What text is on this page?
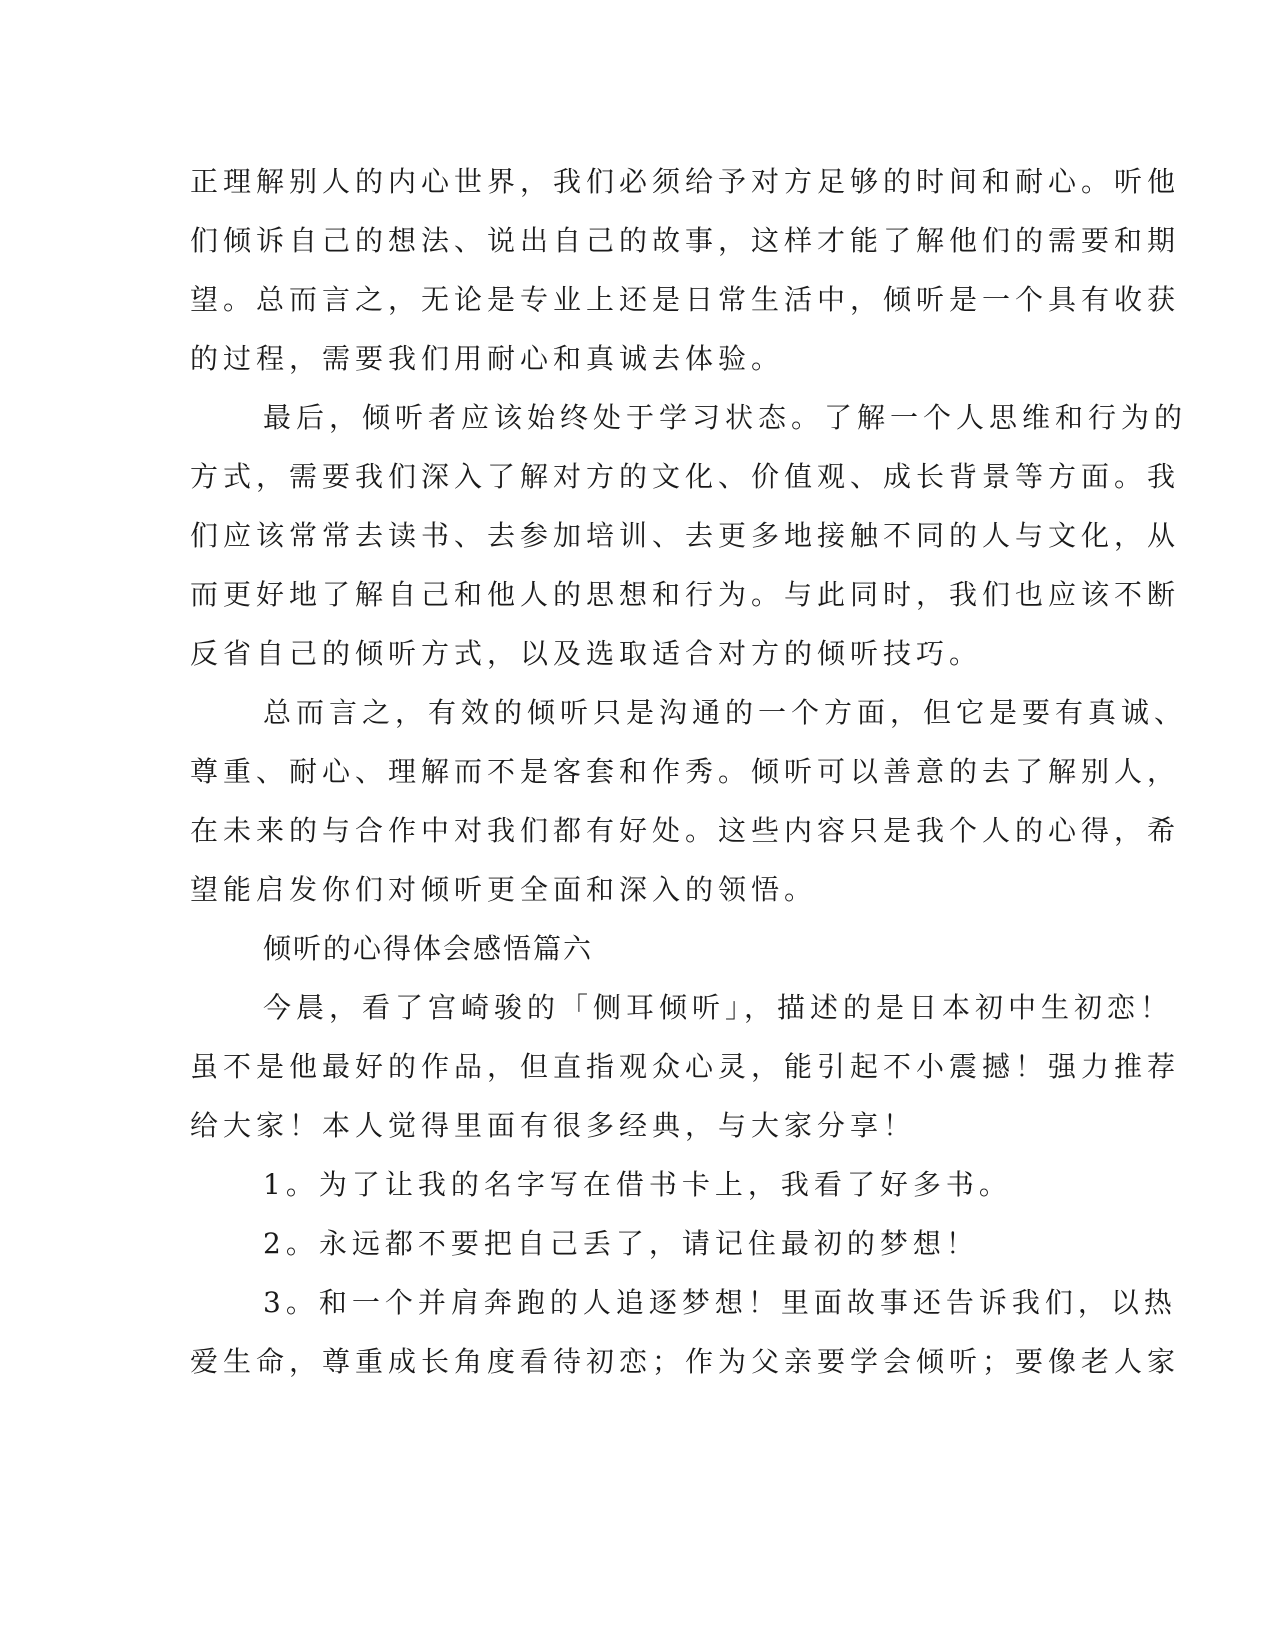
正理解别人的内心世界，我们必须给予对方足够的时间和耐心。听他

们倾诉自己的想法、说出自己的故事，这样才能了解他们的需要和期

望。总而言之，无论是专业上还是日常生活中，倾听是一个具有收获

的过程，需要我们用耐心和真诚去体验。

最后，倾听者应该始终处于学习状态。了解一个人思维和行为的

方式，需要我们深入了解对方的文化、价值观、成长背景等方面。我

们应该常常去读书、去参加培训、去更多地接触不同的人与文化，从

而更好地了解自己和他人的思想和行为。与此同时，我们也应该不断

反省自己的倾听方式，以及选取适合对方的倾听技巧。

总而言之，有效的倾听只是沟通的一个方面，但它是要有真诚、

尊重、耐心、理解而不是客套和作秀。倾听可以善意的去了解别人，

在未来的与合作中对我们都有好处。这些内容只是我个人的心得，希

望能启发你们对倾听更全面和深入的领悟。

倾听的心得体会感悟篇六

今晨，看了宫崎骏的「侧耳倾听」，描述的是日本初中生初恋！

虽不是他最好的作品，但直指观众心灵，能引起不小震撼！强力推荐

给大家！本人觉得里面有很多经典，与大家分享！

1。为了让我的名字写在借书卡上，我看了好多书。

2。永远都不要把自己丢了，请记住最初的梦想！

3。和一个并肩奔跑的人追逐梦想！里面故事还告诉我们，以热

爱生命，尊重成长角度看待初恋；作为父亲要学会倾听；要像老人家
